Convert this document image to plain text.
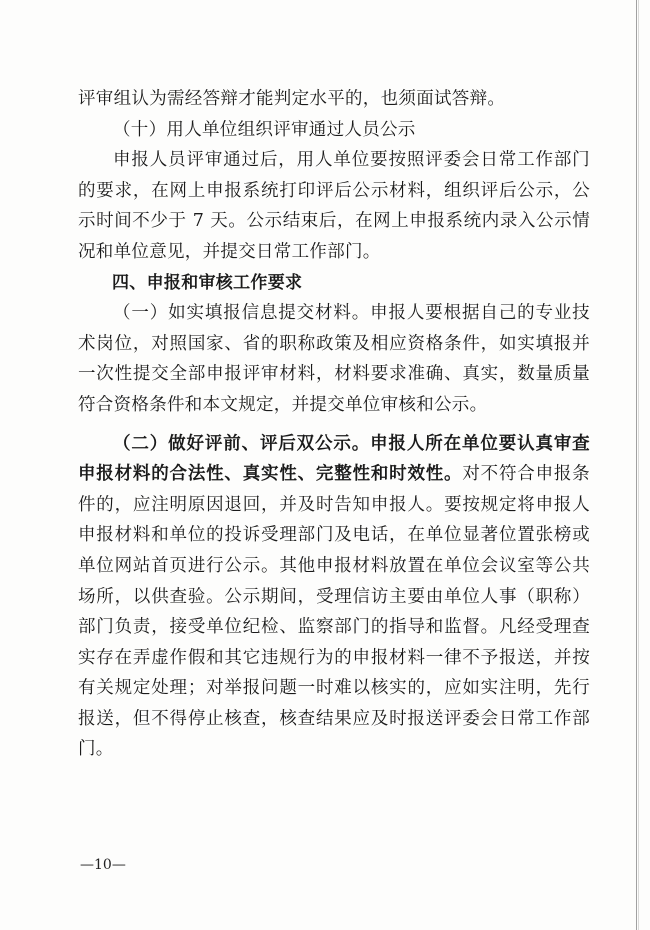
评审组认为需经答辩才能判定水平的，也须面试答辩。

（十）用人单位组织评审通过人员公示

申报人员评审通过后，用人单位要按照评委会日常工作部门的要求，在网上申报系统打印评后公示材料，组织评后公示，公示时间不少于 7 天。公示结束后，在网上申报系统内录入公示情况和单位意见，并提交日常工作部门。

四、申报和审核工作要求

（一）如实填报信息提交材料。申报人要根据自己的专业技术岗位，对照国家、省的职称政策及相应资格条件，如实填报并一次性提交全部申报评审材料，材料要求准确、真实，数量质量符合资格条件和本文规定，并提交单位审核和公示。

（二）做好评前、评后双公示。申报人所在单位要认真审查申报材料的合法性、真实性、完整性和时效性。对不符合申报条件的，应注明原因退回，并及时告知申报人。要按规定将申报人申报材料和单位的投诉受理部门及电话，在单位显著位置张榜或单位网站首页进行公示。其他申报材料放置在单位会议室等公共场所，以供查验。公示期间，受理信访主要由单位人事（职称）部门负责，接受单位纪检、监察部门的指导和监督。凡经受理查实存在弄虚作假和其它违规行为的申报材料一律不予报送，并按有关规定处理；对举报问题一时难以核实的，应如实注明，先行报送，但不得停止核查，核查结果应及时报送评委会日常工作部门。

—10—
